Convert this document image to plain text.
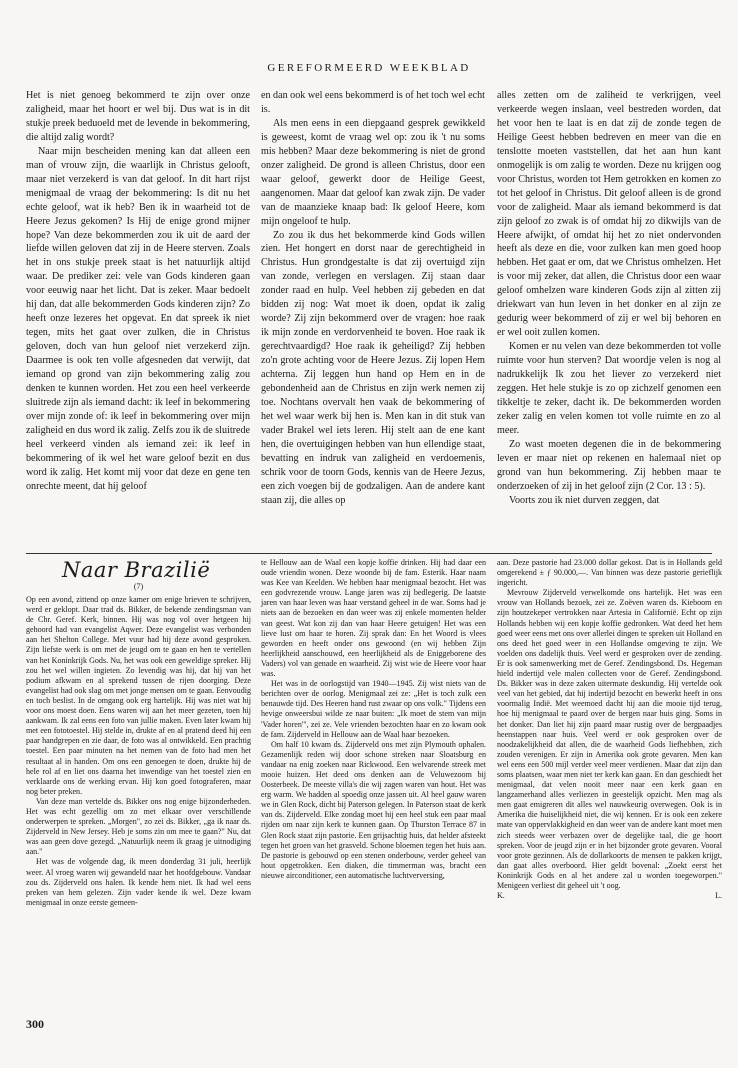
GEREFORMEERD WEEKBLAD

Het is niet genoeg bekommerd te zijn over onze zaligheid, maar het hoort er wel bij. Dus wat is in dit stukje preek beduoeld met de levende in bekommering, die altijd zalig wordt?

Naar mijn bescheiden mening kan dat alleen een man of vrouw zijn, die waarlijk in Christus gelooft, maar niet verzekerd is van dat geloof. In dit hart rijst menigmaal de vraag der bekommering: Is dit nu het echte geloof, wat ik heb? Ben ik in waarheid tot de Heere Jezus gekomen? Is Hij de enige grond mijner hope? Van deze bekommerden zou ik uit de aard der liefde willen geloven dat zij in de Heere sterven. Zoals het in ons stukje preek staat is het natuurlijk altijd waar. De prediker zei: vele van Gods kinderen gaan voor eeuwig naar het licht. Dat is zeker. Maar bedoelt hij dan, dat alle bekommerden Gods kinderen zijn? Zo heeft onze lezeres het opgevat. En dat spreek ik niet tegen, mits het gaat over zulken, die in Christus geloven, doch van hun geloof niet verzekerd zijn. Daarmee is ook ten volle afgesneden dat verwijt, dat iemand op grond van zijn bekommering zalig zou denken te kunnen worden. Het zou een heel verkeerde sluitrede zijn als iemand dacht: ik leef in bekommering over mijn zonde of: ik leef in bekommering over mijn zaligheid en dus word ik zalig. Zelfs zou ik de sluitrede heel verkeerd vinden als iemand zei: ik leef in bekommering of ik wel het ware geloof bezit en dus word ik zalig. Het komt mij voor dat deze en gene ten onrechte meent, dat hij geloof

en dan ook wel eens bekommerd is of het toch wel echt is.

Als men eens in een diepgaand gesprek gewikkeld is geweest, komt de vraag wel op: zou ik 't nu soms mis hebben? Maar deze bekommering is niet de grond onzer zaligheid. De grond is alleen Christus, door een waar geloof, gewerkt door de Heilige Geest, aangenomen. Maar dat geloof kan zwak zijn. De vader van de maanzieke knaap bad: Ik geloof Heere, kom mijn ongeloof te hulp.

Zo zou ik dus het bekommerde kind Gods willen zien. Het hongert en dorst naar de gerechtigheid in Christus. Hun grondgestalte is dat zij overtuigd zijn van zonde, verlegen en verslagen. Zij staan daar zonder raad en hulp. Veel hebben zij gebeden en dat bidden zij nog: Wat moet ik doen, opdat ik zalig worde? Zij zijn bekommerd over de vragen: hoe raak ik mijn zonde en verdorvenheid te boven. Hoe raak ik gerechtvaardigd? Hoe raak ik geheiligd? Zij hebben zo'n grote achting voor de Heere Jezus. Zij lopen Hem achterna. Zij leggen hun hand op Hem en in de gebondenheid aan de Christus en zijn werk nemen zij toe. Nochtans overvalt hen vaak de bekommering of het wel waar werk bij hen is. Men kan in dit stuk van vader Brakel wel iets leren. Hij stelt aan de ene kant hen, die overtuigingen hebben van hun ellendige staat, bevatting en indruk van zaligheid en verdoemenis, schrik voor de toorn Gods, kennis van de Heere Jezus, een zich voegen bij de godzaligen. Aan de andere kant staan zij, die alles op

alles zetten om de zaliheid te verkrijgen, veel verkeerde wegen inslaan, veel bestreden worden, dat het voor hen te laat is en dat zij de zonde tegen de Heilige Geest hebben bedreven en meer van die en tenslotte moeten vaststellen, dat het aan hun kant onmogelijk is om zalig te worden. Deze nu krijgen oog voor Christus, worden tot Hem getrokken en komen zo tot het geloof in Christus. Dit geloof alleen is de grond voor de zaligheid. Maar als iemand bekommerd is dat zijn geloof zo zwak is of omdat hij zo dikwijls van de Heere afwijkt, of omdat hij het zo niet ondervonden heeft als deze en die, voor zulken kan men goed hoop hebben. Het gaat er om, dat we Christus omhelzen. Het is voor mij zeker, dat allen, die Christus door een waar geloof omhelzen ware kinderen Gods zijn al zitten zij driekwart van hun leven in het donker en al zijn ze gedurig weer bekommerd of zij er wel bij behoren en er wel ooit zullen komen.

Komen er nu velen van deze bekommerden tot volle ruimte voor hun sterven? Dat woordje velen is nog al nadrukkelijk Ik zou het liever zo verzekerd niet zeggen. Het hele stukje is zo op zichzelf genomen een tikkeltje te zeker, dacht ik. De bekommerden worden zeker zalig en velen komen tot volle ruimte en zo al meer.

Zo wast moeten degenen die in de bekommering leven er maar niet op rekenen en halemaal niet op grond van hun bekommering. Zij hebben maar te onderzoeken of zij in het geloof zijn (2 Cor. 13 : 5).

Voorts zou ik niet durven zeggen, dat

Naar Brazilië
(7)

Op een avond, zittend op onze kamer om enige brieven te schrijven, werd er geklopt. Daar trad ds. Bikker, de bekende zendingsman van de Chr. Geref. Kerk, binnen. Hij was nog vol over hetgeen hij gehoord had van evangelist Aqwer. Deze evangelist was verbonden aan het Shelton College. Met vuur had hij deze avond gesproken. Zijn liefste werk is om met de jeugd om te gaan en hen te vertellen van het Koninkrijk Gods. Nu, het was ook een geweldige spreker. Hij zou het wel willen ingieten. Zo levendig was hij, dat hij van het podium afkwam en al sprekend tussen de rijen doorging. Deze evangelist had ook slag om met jonge mensen om te gaan. Eenvoudig en toch beslist. In de omgang ook erg hartelijk. Hij was niet wat hij voor ons moest doen. Eens waren wij aan het meer gezeten, toen hij aankwam. Ik zal eens een foto van jullie maken. Even later kwam hij met een fototoestel. Hij stelde in, drukte af en al pratend deed hij een paar handgrepen en zie daar, de foto was al ontwikkeld. Een prachtig toestel. Een paar minuten na het nemen van de foto had men het resultaat al in handen. Om ons een genoegen te doen, drukte hij de hele rol af en liet ons daarna het inwendige van het toestel zien en verklaarde ons de werking ervan. Hij kon goed fotograferen, maar nog beter preken.

Van deze man vertelde ds. Bikker ons nog enige bijzonderheden. Het was echt gezellig om zo met elkaar over verschillende onderwerpen te spreken. „Morgen", zo zei ds. Bikker, „ga ik naar ds. Zijderveld in New Jersey. Heb je soms zin om mee te gaan?" Nu, dat was aan geen dove gezegd. „Natuurlijk neem ik graag je uitnodiging aan."

Het was de volgende dag, ik meen donderdag 31 juli, heerlijk weer. Al vroeg waren wij gewandeld naar het hoofdgebouw. Vandaar zou ds. Zijderveld ons halen. Ik kende hem niet. Ik had wel eens preken van hem gelezen. Zijn vader kende ik wel. Deze kwam menigmaal in onze eerste gemeen-

te Hellouw aan de Waal een kopje koffie drinken. Hij had daar een oude vriendin wonen. Deze woonde bij de fam. Esterik. Haar naam was Kee van Keelden. We hebben haar menigmaal bezocht. Het was een godvrezende vrouw. Lange jaren was zij bedlegerig. De laatste jaren van haar leven was haar verstand geheel in de war. Soms had je niets aan de bezoeken en dan weer was zij enkele momenten helder van geest. Wat kon zij dan van haar Heere getuigen! Het was een lieve lust om haar te horen. Zij sprak dan: En het Woord is vlees geworden en heeft onder ons gewoond (en wij hebben Zijn heerlijkheid aanschouwd, een heerlijkheid als de Eniggeborene des Vaders) vol van genade en waarheid. Zij wist wie de Heere voor haar was.

Het was in de oorlogstijd van 1940—1945. Zij wist niets van de berichten over de oorlog. Menigmaal zei ze: „Het is toch zulk een benauwde tijd. Des Heeren hand rust zwaar op ons volk." Tijdens een hevige onweersbui wilde ze naar buiten: „Ik moet de stem van mijn 'Vader horen'", zei ze. Vele vrienden bezochten haar en zo kwam ook de fam. Zijderveld in Hellouw aan de Waal haar bezoeken.

Om half 10 kwam ds. Zijderveld ons met zijn Plymouth ophalen. Gezamenlijk reden wij door schone streken naar Sloatsburg en vandaar na enig zoeken naar Rickwood. Een welvarende streek met mooie huizen. Het deed ons denken aan de Veluwezoom bij Oosterbeek. De meeste villa's die wij zagen waren van hout. Het was erg warm. We hadden al spoedig onze jassen uit. Al heel gauw waren we in Glen Rock, dicht bij Paterson gelegen. In Paterson staat de kerk van ds. Zijderveld. Elke zondag moet hij een heel stuk een paar maal rijden om naar zijn kerk te kunnen gaan. Op Thurston Terrace 87 in Glen Rock staat zijn pastorie. Een grijsachtig huis, dat helder afsteekt tegen het groen van het grasveld. Schone bloemen tegen het huis aan. De pastorie is gebouwd op een stenen onderbouw, verder geheel van hout opgetrokken. Een diaken, die timmerman was, bracht een nieuwe airconditioner, een automatische luchtverversing,

aan. Deze pastorie had 23.000 dollar gekost. Dat is in Hollands geld omgerekend ± ƒ 90.000,—. Van binnen was deze pastorie gerieflijk ingericht.

Mevrouw Zijderveld verwelkomde ons hartelijk. Het was een vrouw van Hollands bezoek, zei ze. Zoëven waren ds. Kieboom en zijn houtzekeper vertrokken naar Artesia in Californië. Echt op zijn Hollands hebben wij een kopje koffie gedronken. Wat deed het hem goed weer eens met ons over allerlei dingen te spreken uit Holland en ons deed het goed weer in een Hollandse omgeving te zijn. We voelden ons dadelijk thuis. Veel werd er gesproken over de zending. Er is ook samenwerking met de Geref. Zendingsbond. Ds. Hegeman hield indertijd vele malen collecten voor de Geref. Zendingsbond. Ds. Bikker was in deze zaken uitermate deskundig. Hij vertelde ook veel van het gebied, dat hij indertijd bezocht en bewerkt heeft in ons voormalig Indië. Met weemoed dacht hij aan die mooie tijd terug, hoe hij menigmaal te paard over de bergen naar huis ging. Soms in het donker. Dan liet hij zijn paard maar rustig over de bergpaadjes heenstappen naar huis. Veel werd er ook gesproken over de noodzakelijkheid dat allen, die de waarheid Gods liefhebben, zich zouden verenigen. Er zijn in Amerika ook grote gevaren. Men kan wel eens een 500 mijl verder veel meer verdienen. Maar dat zijn dan soms plaatsen, waar men niet ter kerk kan gaan. En dan geschiedt het menigmaal, dat velen nooit meer naar een kerk gaan en langzamerhand alles verliezen in geestelijk opzicht. Men mag als men gaat emigreren dit alles wel nauwkeurig overwegen. Ook is in Amerika die huiselijkheid niet, die wij kennen. Er is ook een zekere mate van oppervlakkigheid en dan weer van de andere kant moet men zich steeds weer verbazen over de degelijke taal, die ge hoort spreken. Voor de jeugd zijn er in het bijzonder grote gevaren. Vooral voor grote gezinnen. Als de dollarkoorts de mensen te pakken krijgt, dan gaat alles overboord. Hier geldt bovenal: „Zoekt eerst het Koninkrijk Gods en al het andere zal u worden toegeworpen." Menigeen verliest dit geheel uit 't oog.

K.	L.
300
